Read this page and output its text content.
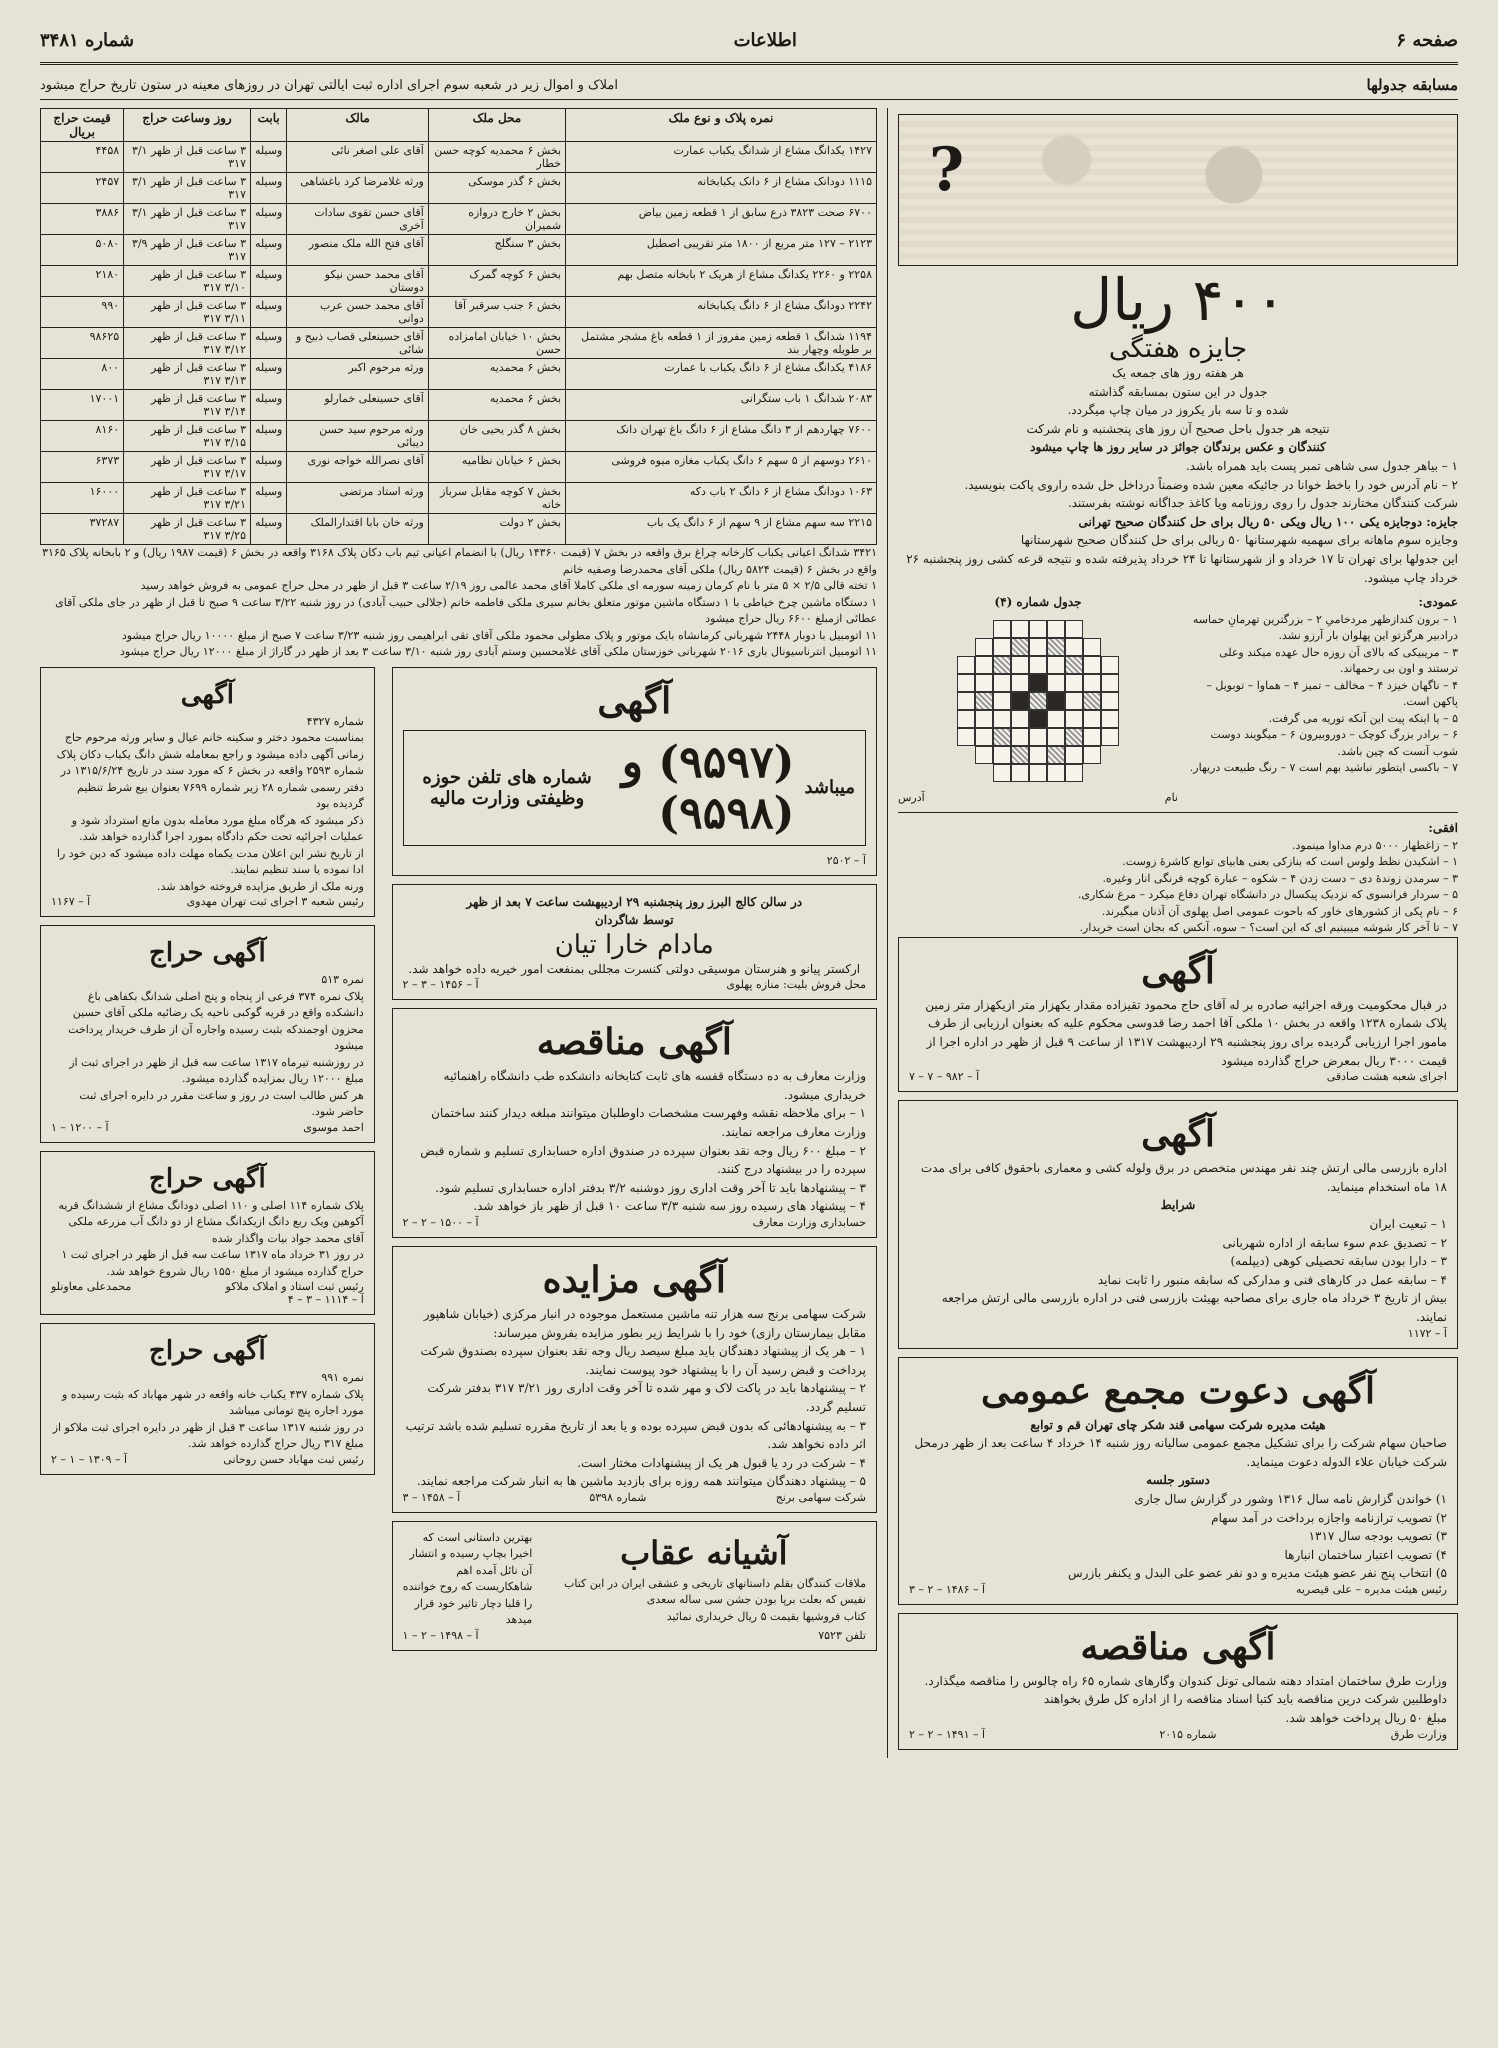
صفحه ۶
اطلاعات
شماره ۳۴۸۱
مسابقه جدولها
املاک و اموال زیر در شعبه سوم اجرای اداره ثبت ایالتی تهران در روزهای معینه در ستون تاریخ حراج میشود
?
۴۰۰ ریال
جایزه هفتگی
هر هفته روز های جمعه یک
جدول در این ستون بمسابقه گذاشته
شده و تا سه بار یکروز در میان چاپ میگردد.
نتیجه هر جدول باحل صحیح آن روز های پنجشنبه و نام شرکت
کنندگان و عکس برندگان جوائز در سایر روز ها چاپ میشود
۱ – بیاهر جدول سی شاهی تمبر پست باید همراه باشد.
۲ – نام آدرس خود را باخط خوانا در جائیکه معین شده وضمناً درداخل حل شده راروی پاکت بنویسید.
شرکت کنندگان مختارند جدول را روی روزنامه ویا کاغذ جداگانه نوشته بفرستند.
جایزه: دوجایزه یکی ۱۰۰ ریال ویکی ۵۰ ریال برای حل کنندگان صحیح تهرانی
وجایزه سوم ماهانه برای سهمیه شهرستانها ۵۰ ریالی برای حل کنندگان صحیح شهرستانها
این جدولها برای تهران تا ۱۷ خرداد و از شهرستانها تا ۲۴ خرداد پذیرفته شده و نتیجه قرعه کشی روز پنجشنبه ۲۶ خرداد چاپ میشود.
عمودی:
۱ – برون کندازظهر مردخامیِ ۲ – بزرگترین تهرمانِ حماسه درادبیر هرگزتو این پهلوان بار آرزو نشد.
۳ – مریبیکی که بالای آن روزه حال عهده میکند وعلی ترستند و اون بی رحمهاند.
۴ – ناگهان خیزد ۴ – مخالف – تمیز ۴ – هماوا – توبویل – پاکهن است.
۵ – یا اینکه پیت این آنکه توریه می گرفت.
۶ – برادر بزرگ کوچک – دوروبیرون ۶ – میگویند دوست شوب آنست که چین باشد.
۷ – باکسی ایتطور نباشید بهم است ۷ – رنگ طبیعت دریهار.
جدول شماره (۴)
نام
آدرس
افقی:
۲ – زاغطهار ۵۰۰۰ درم مداوا مینمود.
۱ – اشکیدن نظط ولوس است که بنازکی بعنی هابیای توابع کاشرهٔ زوست.
۳ – سرمدن زوندهٔ دی – دست زدن ۴ – شکوه – عبارة کوچه فرنگی انار وغیره.
۵ – سردار فرانسوی که نزدیک پیکسال در دانشگاه تهران دفاع میکرد – مرغ شکاری.
۶ – نام پکی از کشورهای خاور که باحوت عمومی اصل پهلوی آن آذنان میگیرند.
۷ – تا آخر کار شوشه میبینیم ای که این است؟ – سوه، آنکس که بجان است خریدار.
آگهی
در قبال محکومیت ورقه اجرائیه صادره بر له آقای حاج محمود تقیزاده مقدار یکهزار متر ازیکهزار متر زمین پلاک شماره ۱۲۳۸ واقعه در بخش ۱۰ ملکی آقا احمد رضا قدوسی محکوم علیه که بعنوان ارزیابی از طرف مامور اجرا ارزیابی گردیده برای روز پنجشنبه ۲۹ اردیبهشت ۱۳۱۷ از ساعت ۹ قبل از ظهر در اداره اجرا از قیمت ۳۰۰۰ ریال بمعرض حراج گذارده میشود
اجرای شعبه هشت صادقی
آ – ۹۸۲ – ۷ – ۷
آگهی
اداره بازرسی مالی ارتش چند نفر مهندس متخصص در برق ولوله کشی و معماری باحقوق کافی برای مدت ۱۸ ماه استخدام مینماید.
شرایط
۱ – تبعیت ایران
۲ – تصدیق عدم سوء سابقه از اداره شهربانی
۳ – دارا بودن سابقه تحصیلی کوهی (دیپلمه)
۴ – سابقه عمل در کارهای فنی و مدارکی که سابقه منبور را ثابت نماید
بیش از تاریخ ۳ خرداد ماه جاری برای مصاحبه بهیئت بازرسی فنی در اداره بازرسی مالی ارتش مراجعه نمایند.
آ – ۱۱۷۲
آگهی دعوت مجمع عمومی
هیئت مدیره شرکت سهامی قند شکر چای تهران قم و توابع
صاحبان سهام شرکت را برای تشکیل مجمع عمومی سالیانه روز شنبه ۱۴ خرداد ۴ ساعت بعد از ظهر درمحل شرکت خیابان علاء الدوله دعوت مینماید.
دستور جلسه
۱) خواندن گزارش نامه سال ۱۳۱۶ وشور در گزارش سال جاری
۲) تصویب ترازنامه واجازه برداخت در آمد سهام
۳) تصویب بودجه سال ۱۳۱۷
۴) تصویب اعتبار ساختمان انبارها
۵) انتخاب پنج نفر عضو هیئت مدیره و دو نفر عضو علی البدل و یکنفر بازرس
رئیس هیئت مدیره – علی قیصریه
آ – ۱۴۸۶ – ۲ – ۳
آگهی مناقصه
وزارت طرق ساختمان امتداد دهنه شمالی تونل کندوان وگارهای شماره ۶۵ راه چالوس را مناقصه میگذارد.
داوطلبین شرکت درین مناقصه باید کتبا اسناد مناقصه را از اداره کل طرق بخواهند
مبلغ ۵۰ ریال پرداخت خواهد شد.
وزارت طرق
شماره ۲۰۱۵
آ – ۱۴۹۱ – ۲ – ۲
نمره پلاک و نوع ملک	محل ملک	مالک	بابت	روز وساعت حراج	قیمت حراج بریال
۱۴۲۷ یکدانگ مشاع از شدانگ یکباب عمارت	بخش ۶ محمدیه کوچه حسن خطار	آقای علی اصغر نائی	وسیله	۳ ساعت قبل از ظهر ۳/۱ ۳۱۷	۴۴۵۸
۱۱۱۵ دودانک مشاع از ۶ دانک یکبابخانه	بخش ۶ گذر موسکی	ورثه غلامرضا کرد باغشاهی	وسیله	۳ ساعت قبل از ظهر ۳/۱ ۳۱۷	۲۴۵۷
۶۷۰۰ صحت ۳۸۲۳ ذرع سابق از ۱ قطعه زمین بیاض	بخش ۲ خارج دروازه شمیران	آقای حسن تقوی سادات آخری	وسیله	۳ ساعت قبل از ظهر ۳/۱ ۳۱۷	۳۸۸۶
۲۱۲۳ – ۱۲۷ متر مربع از ۱۸۰۰ متر تقریبی اصطبل	بخش ۳ سنگلج	آقای فتح الله ملک منصور	وسیله	۳ ساعت قبل از ظهر ۳/۹ ۳۱۷	۵۰۸۰
۲۲۵۸ و ۲۲۶۰ یکدانگ مشاع از هریک ۲ بابخانه متصل بهم	بخش ۶ کوچه گمرک	آقای محمد حسن نیکو دوستان	وسیله	۳ ساعت قبل از ظهر ۳/۱۰ ۳۱۷	۲۱۸۰
۲۲۴۲ دودانگ مشاع از ۶ دانگ یکبابخانه	بخش ۶ جنب سرقبر آقا	آقای محمد حسن عرب دوانی	وسیله	۳ ساعت قبل از ظهر ۳/۱۱ ۳۱۷	۹۹۰
۱۱۹۴ شدانگ ۱ قطعه زمین مفروز از ۱ قطعه باغ مشجر مشتمل بر طویله وچهار بند	بخش ۱۰ خیابان امامزاده حسن	آقای حسینعلی قصاب ذبیح و شائی	وسیله	۳ ساعت قبل از ظهر ۳/۱۲ ۳۱۷	۹۸۶۲۵
۴۱۸۶ یکدانگ مشاع از ۶ دانگ یکباب با عمارت	بخش ۶ محمدیه	ورثه مرحوم اکبر	وسیله	۳ ساعت قبل از ظهر ۳/۱۳ ۳۱۷	۸۰۰
۲۰۸۳ شدانگ ۱ باب ستگرانی	بخش ۶ محمدیه	آقای حسینعلی خمارلو	وسیله	۳ ساعت قبل از ظهر ۳/۱۴ ۳۱۷	۱۷۰۰۱
۷۶۰۰ چهاردهم از ۳ دانگ مشاع از ۶ دانگ باغ تهران دانک	بخش ۸ گذر یحیی خان	ورثه مرحوم سید حسن دیبائی	وسیله	۳ ساعت قبل از ظهر ۳/۱۵ ۳۱۷	۸۱۶۰
۲۶۱۰ دوسهم از ۵ سهم ۶ دانگ یکباب مغازه میوه فروشی	بخش ۶ خیابان نظامیه	آقای نصرالله خواجه نوری	وسیله	۳ ساعت قبل از ظهر ۳/۱۷ ۳۱۷	۶۳۷۳
۱۰۶۳ دودانگ مشاع از ۶ دانگ ۲ باب دکه	بخش ۷ کوچه مقابل سرباز خانه	ورثه استاد مرتضی	وسیله	۳ ساعت قبل از ظهر ۳/۲۱ ۳۱۷	۱۶۰۰۰
۲۲۱۵ سه سهم مشاع از ۹ سهم از ۶ دانگ یک باب	بخش ۲ دولت	ورثه خان بابا اقتدارالملک	وسیله	۳ ساعت قبل از ظهر ۳/۲۵ ۳۱۷	۳۷۲۸۷
۳۴۲۱ شدانگ اعیانی یکباب کارخانه چراغ برق واقعه در بخش ۷ (قیمت ۱۴۳۶۰ ریال) با انضمام اعیانی تیم باب دکان پلاک ۳۱۶۸ واقعه در بخش ۶ (قیمت ۱۹۸۷ ریال) و ۲ بابخانه پلاک ۳۱۶۵ واقع در بخش ۶ (قیمت ۵۸۲۴ ریال) ملکی آقای محمدرضا وصفیه خانم
۱ تخته قالی ۲/۵ × ۵ متر با نام کرمان زمینه سورمه ای ملکی کاملا آقای محمد عالمی روز ۲/۱۹ ساعت ۳ قبل از ظهر در محل حراج عمومی به فروش خواهد رسید
۱ دستگاه ماشین چرخ خیاطی با ۱ دستگاه ماشین موتور متعلق بخانم سیری ملکی فاطمه خانم (جلالی حبیب آبادی) در روز شنبه ۳/۲۲ ساعت ۹ صبح تا قبل از ظهر در جای ملکی آقای عطائی ازمبلغ ۶۶۰۰ ریال حراج میشود
۱۱ اتومبیل با دوبار ۲۴۴۸ شهربانی کرمانشاه بایک موتور و پلاک مطولی محمود ملکی آقای تقی ابراهیمی روز شنبه ۳/۲۳ ساعت ۷ صبح از مبلغ ۱۰۰۰۰ ریال حراج میشود
۱۱ اتومبیل انترناسیونال باری ۲۰۱۶ شهربانی خوزستان ملکی آقای غلامحسین وستم آبادی روز شنبه ۳/۱۰ ساعت ۳ بعد از ظهر در گاراژ از مبلغ ۱۲۰۰۰ ریال حراج میشود
آگهی
میباشد
(۹۵۹۷) و (۹۵۹۸)
شماره های تلفن حوزه وظیفتی وزارت مالیه
آ – ۲۵۰۲
در سالن کالج البرز روز پنجشنبه ۲۹ اردیبهشت ساعت ۷ بعد از ظهر
توسط شاگردان
مادام خارا تیان
ارکستر پیانو و هنرستان موسیقی دولتی کنسرت مجللی بمنفعت امور خیریه داده خواهد شد.
محل فروش بلیت: منازه پهلوی
آ – ۱۴۵۶ – ۳ – ۲
آگهی مناقصه
وزارت معارف به ده دستگاه قفسه های ثابت کتابخانه دانشکده طب دانشگاه راهنمائیه خریداری میشود.
۱ – برای ملاحظه نقشه وفهرست مشخصات داوطلبان میتوانند مبلغه دیدار کنند ساختمان وزارت معارف مراجعه نمایند.
۲ – مبلغ ۶۰۰ ریال وجه نقد بعنوان سپرده در صندوق اداره حسابداری تسلیم و شماره قبض سپرده را در بیشنهاد درج کنند.
۳ – پیشنهادها باید تا آخر وقت اداری روز دوشنبه ۳/۲ بدفتر اداره حسابداری تسلیم شود.
۴ – پیشنهاد های رسیده روز سه شنبه ۳/۳ ساعت ۱۰ قبل از ظهر باز خواهد شد.
حسابداری وزارت معارف
آ – ۱۵۰۰ – ۲ – ۲
آگهی مزایده
شرکت سهامی برنج سه هزار تنه ماشین مستعمل موجوده در انبار مرکزی (خیابان شاهپور مقابل بیمارستان رازی) خود را با شرایط زیر بطور مزایده بفروش میرساند:
۱ – هر یک از پیشنهاد دهندگان باید مبلغ سیصد ریال وجه نقد بعنوان سپرده بصندوق شرکت پرداخت و قبض رسید آن را با پیشنهاد خود پیوست نمایند.
۲ – پیشنهادها باید در پاکت لاک و مهر شده تا آخر وقت اداری روز ۳/۲۱ ۳۱۷ بدفتر شرکت تسلیم گردد.
۳ – به پیشنهادهائی که بدون قبض سپرده بوده و یا بعد از تاریخ مقرره تسلیم شده باشد ترتیب اثر داده نخواهد شد.
۴ – شرکت در رد یا قبول هر یک از پیشنهادات مختار است.
۵ – پیشنهاد دهندگان میتوانند همه روزه برای بازدید ماشین ها به انبار شرکت مراجعه نمایند.
شرکت سهامی برنج
شماره ۵۳۹۸
آ – ۱۴۵۸ – ۳
آشیانه عقاب
ملاقات کنندگان بقلم داستانهای تاریخی و عشقی ایران در این کتاب نفیس که بعلت برپا بودن جشن سی ساله سعدی
کتاب فروشیها بقیمت ۵ ریال خریداری نمائید
بهترین داستانی است که اخیرا بچاپ رسیده و انتشار آن نائل آمده اهم شاهکاریست که روح خواننده را قلبا دچار تاثیر خود قرار میدهد
تلفن ۷۵۲۳
آ – ۱۴۹۸ – ۲ – ۱
آگهی
شماره ۴۳۲۷
بمناسبت محمود دختر و سکینه خانم عیال و سایر ورثه مرحوم حاج زمانی آگهی داده میشود و راجع بمعامله شش دانگ یکباب دکان پلاک شماره ۲۵۹۳ واقعه در بخش ۶ که مورد سند در تاریخ ۱۳۱۵/۶/۲۴ در دفتر رسمی شماره ۲۸ زیر شماره ۷۶۹۹ بعنوان بیع شرط تنظیم گردیده بود
ذکر میشود که هرگاه مبلغ مورد معامله بدون مانع استرداد شود و عملیات اجرائیه تحت حکم دادگاه بمورد اجرا گذارده خواهد شد.
از تاریخ نشر این اعلان مدت یکماه مهلت داده میشود که دین خود را ادا نموده یا سند تنظیم نمایند.
ورنه ملک از طریق مزایده فروخته خواهد شد.
رئیس شعبه ۳ اجرای ثبت تهران مهدوی
آ – ۱۱۶۷
آگهی حراج
نمره ۵۱۳
پلاک نمره ۳۷۴ فرعی از پنجاه و پنج اصلی شدانگ بکفاهی باغ دانشکده واقع در قریه گوکبی ناحیه یک رضائیه ملکی آقای حسین محزون اوجمندکه بثبت رسیده واجاره آن از طرف خریدار پرداخت میشود
در روزشنبه تیرماه ۱۳۱۷ ساعت سه قبل از ظهر در اجرای ثبت از مبلغ ۱۲۰۰۰ ریال بمزایده گذارده میشود.
هر کس طالب است در روز و ساعت مقرر در دایره اجرای ثبت حاضر شود.
احمد موسوی
آ – ۱۲۰۰ – ۱
آگهی حراج
پلاک شماره ۱۱۴ اصلی و ۱۱۰ اصلی دودانگ مشاع از ششدانگ قریه آکوهین ویک ربع دانگ ازیکدانگ مشاع از دو دانگ آب مزرعه ملکی آقای محمد جواد بیات واگذار شده
در روز ۳۱ خرداد ماه ۱۳۱۷ ساعت سه قبل از ظهر در اجرای ثبت ۱ حراج گذارده میشود از مبلغ ۱۵۵۰ ریال شروع خواهد شد.
رئیس ثبت استاد و املاک ملاکو
محمدعلی معاونلو
آ – ۱۱۱۴ – ۳ – ۴
آگهی حراج
نمره ۹۹۱
پلاک شماره ۴۳۷ یکباب خانه واقعه در شهر مهاباد که بثبت رسیده و مورد اجاره پنچ تومانی میباشد
در روز شنبه ۱۳۱۷ ساعت ۳ قبل از ظهر در دایره اجرای ثبت ملاکو از مبلغ ۳۱۷ ریال حراج گذارده خواهد شد.
رئیس ثبت مهاباد حسن روحانی
آ – ۱۳۰۹ – ۱ – ۲
